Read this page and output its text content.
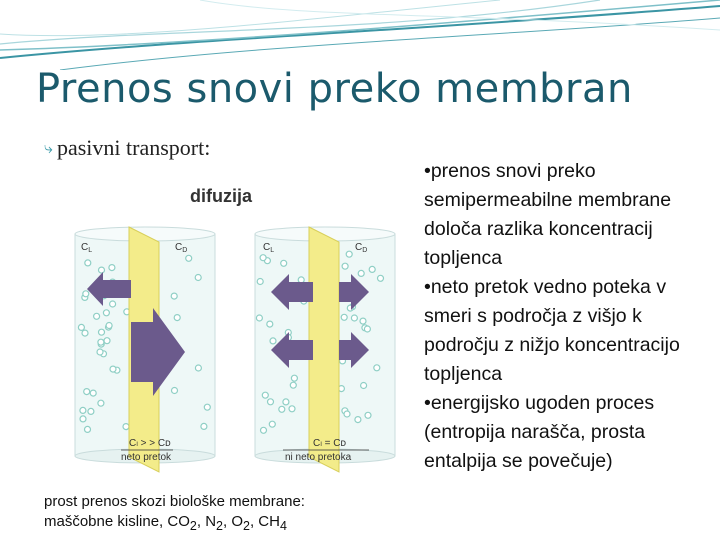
Prenos snovi preko membran
⤷ pasivni transport:
difuzija
$C_L$	$C_D$
Cₗ > > Cᴅ
neto pretok
$C_L$	$C_D$
Cₗ = Cᴅ
ni neto pretoka
prost prenos skozi biološke membrane:
maščobne kisline, $CO_2$, $N_2$, $O_2$, $CH_4$

•prenos snovi preko semipermeabilne membrane določa razlika koncentracij topljenca

•neto pretok vedno poteka v smeri s področja z višjo k področju z nižjo koncentracijo topljenca

•energijsko ugoden proces (entropija narašča, prosta entalpija se povečuje)
